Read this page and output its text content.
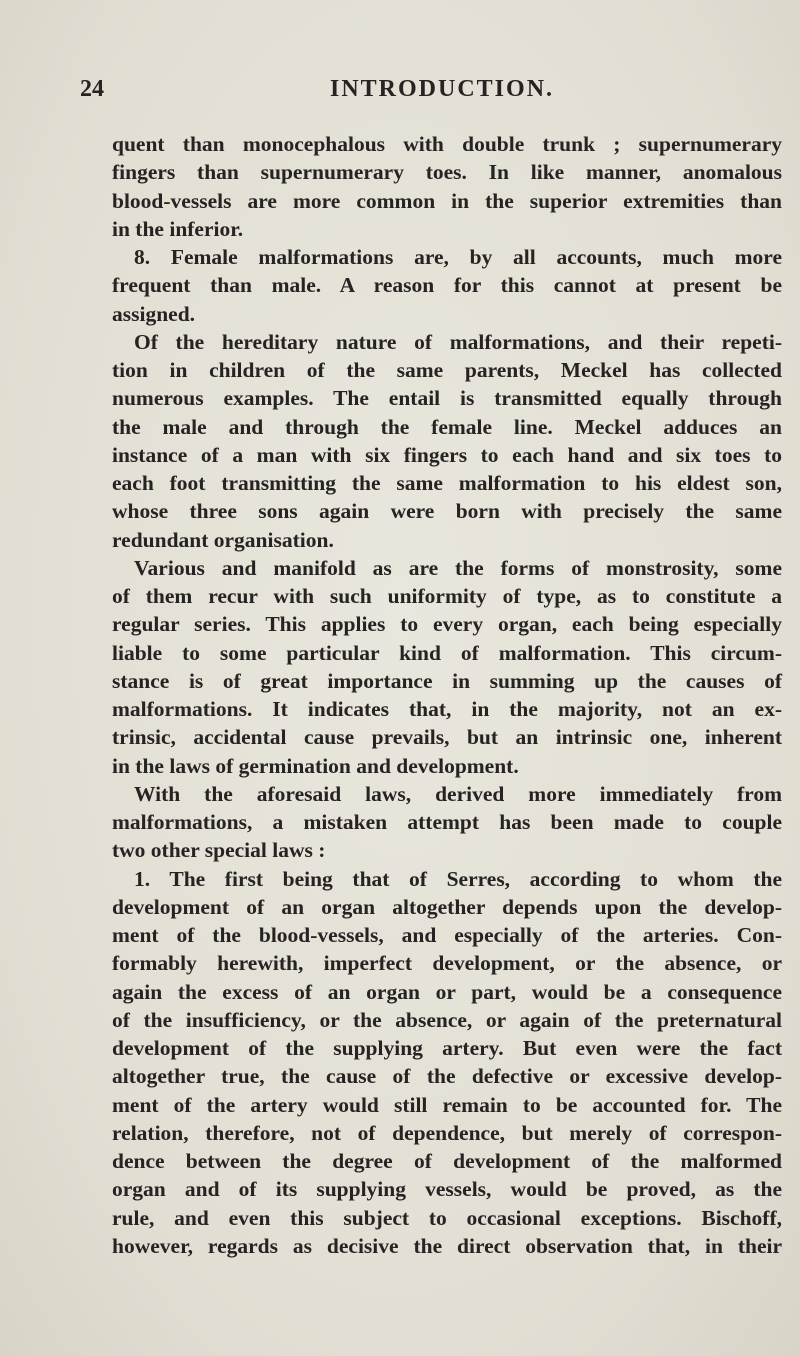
24	INTRODUCTION.
quent than monocephalous with double trunk ; supernumerary
fingers than supernumerary toes. In like manner, anomalous
blood-vessels are more common in the superior extremities than
in the inferior.
8. Female malformations are, by all accounts, much more
frequent than male. A reason for this cannot at present be
assigned.
Of the hereditary nature of malformations, and their repeti-
tion in children of the same parents, Meckel has collected
numerous examples. The entail is transmitted equally through
the male and through the female line. Meckel adduces an
instance of a man with six fingers to each hand and six toes to
each foot transmitting the same malformation to his eldest son,
whose three sons again were born with precisely the same
redundant organisation.
Various and manifold as are the forms of monstrosity, some
of them recur with such uniformity of type, as to constitute a
regular series. This applies to every organ, each being especially
liable to some particular kind of malformation. This circum-
stance is of great importance in summing up the causes of
malformations. It indicates that, in the majority, not an ex-
trinsic, accidental cause prevails, but an intrinsic one, inherent
in the laws of germination and development.
With the aforesaid laws, derived more immediately from
malformations, a mistaken attempt has been made to couple
two other special laws :
1. The first being that of Serres, according to whom the
development of an organ altogether depends upon the develop-
ment of the blood-vessels, and especially of the arteries. Con-
formably herewith, imperfect development, or the absence, or
again the excess of an organ or part, would be a consequence
of the insufficiency, or the absence, or again of the preternatural
development of the supplying artery. But even were the fact
altogether true, the cause of the defective or excessive develop-
ment of the artery would still remain to be accounted for. The
relation, therefore, not of dependence, but merely of correspon-
dence between the degree of development of the malformed
organ and of its supplying vessels, would be proved, as the
rule, and even this subject to occasional exceptions. Bischoff,
however, regards as decisive the direct observation that, in their
